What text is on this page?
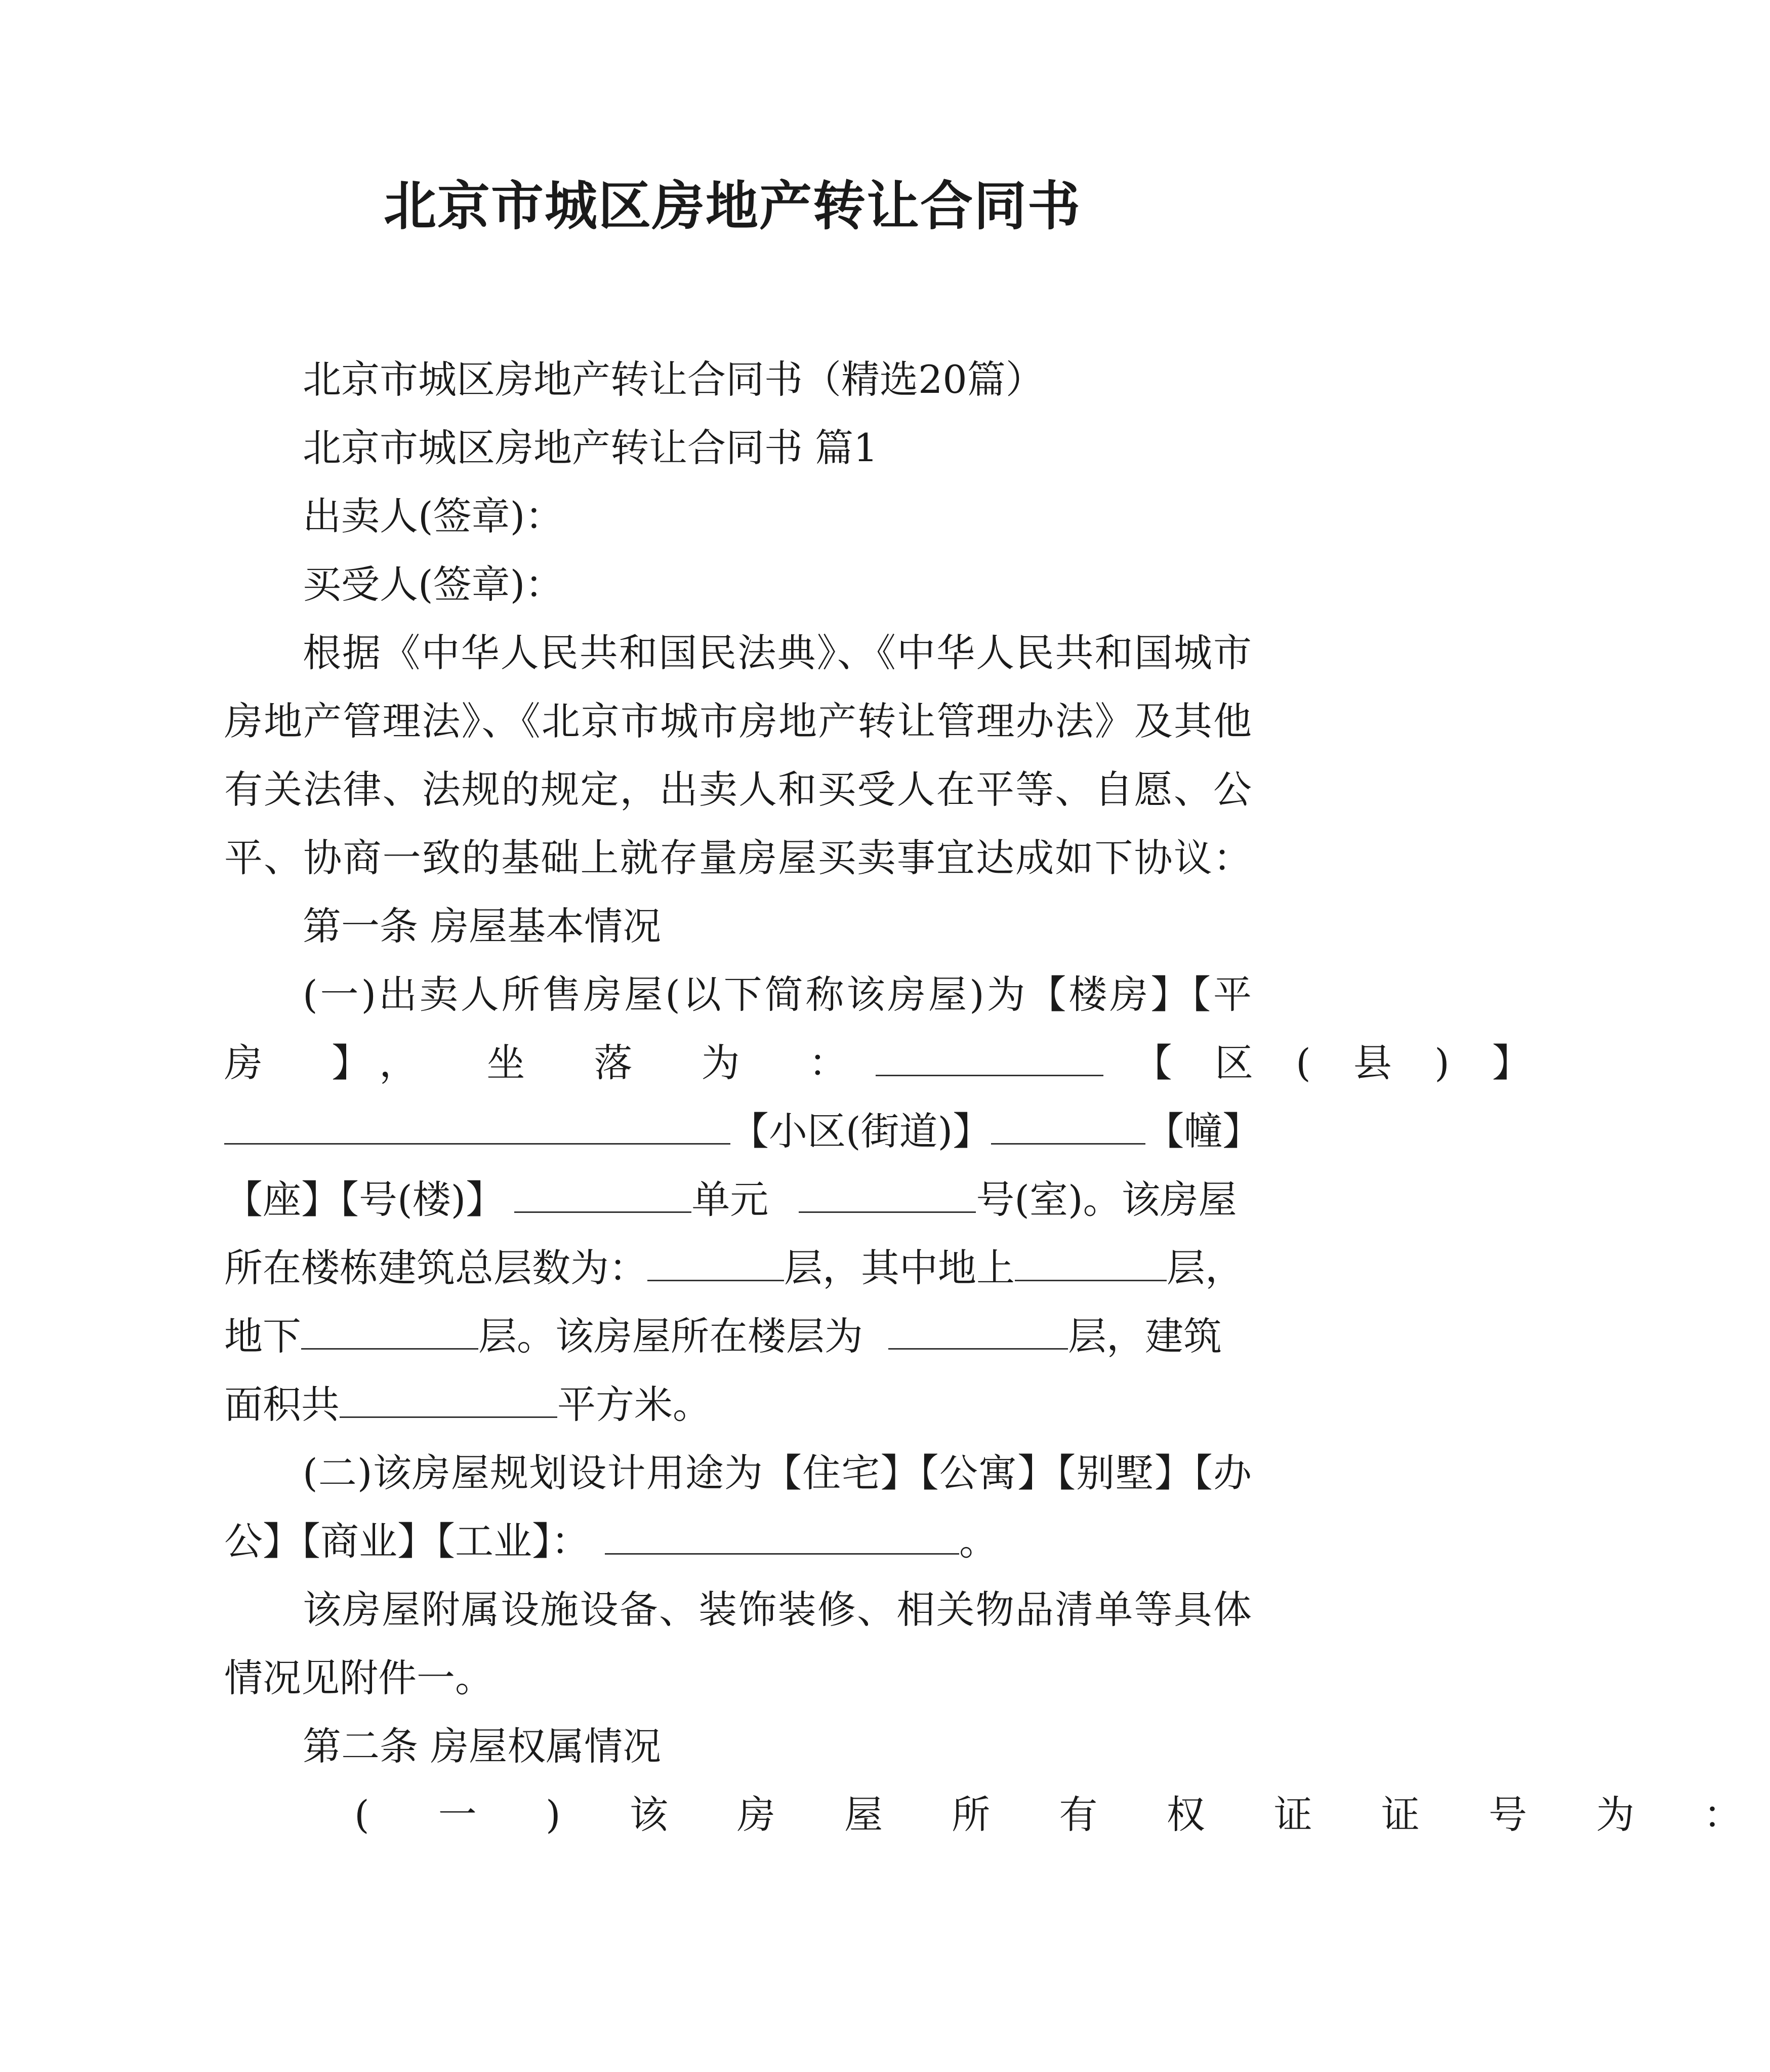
北京市城区房地产转让合同书

北京市城区房地产转让合同书（精选20篇）

北京市城区房地产转让合同书 篇1

出卖人(签章)：

买受人(签章)：

根据《中华人民共和国民法典》、《中华人民共和国城市

房地产管理法》、《北京市城市房地产转让管理办法》及其他

有关法律、法规的规定，出卖人和买受人在平等、自愿、公

平、协商一致的基础上就存量房屋买卖事宜达成如下协议：

第一条 房屋基本情况

(一)出卖人所售房屋(以下简称该房屋)为【楼房】【平

房 】， 坐 落 为 ：	【 区 ( 县 ) 】

【小区(街道)】	【幢】

【座】【号(楼)】	单元	号(室)。该房屋

所在楼栋建筑总层数为：	层，其中地上	层，

地下	层。该房屋所在楼层为	层，建筑

面积共	平方米。

(二)该房屋规划设计用途为【住宅】【公寓】【别墅】【办

公】【商业】【工业】：	。

该房屋附属设施设备、装饰装修、相关物品清单等具体

情况见附件一。

第二条 房屋权属情况

( 一 ) 该 房 屋 所 有 权 证 证 号 为 ：
